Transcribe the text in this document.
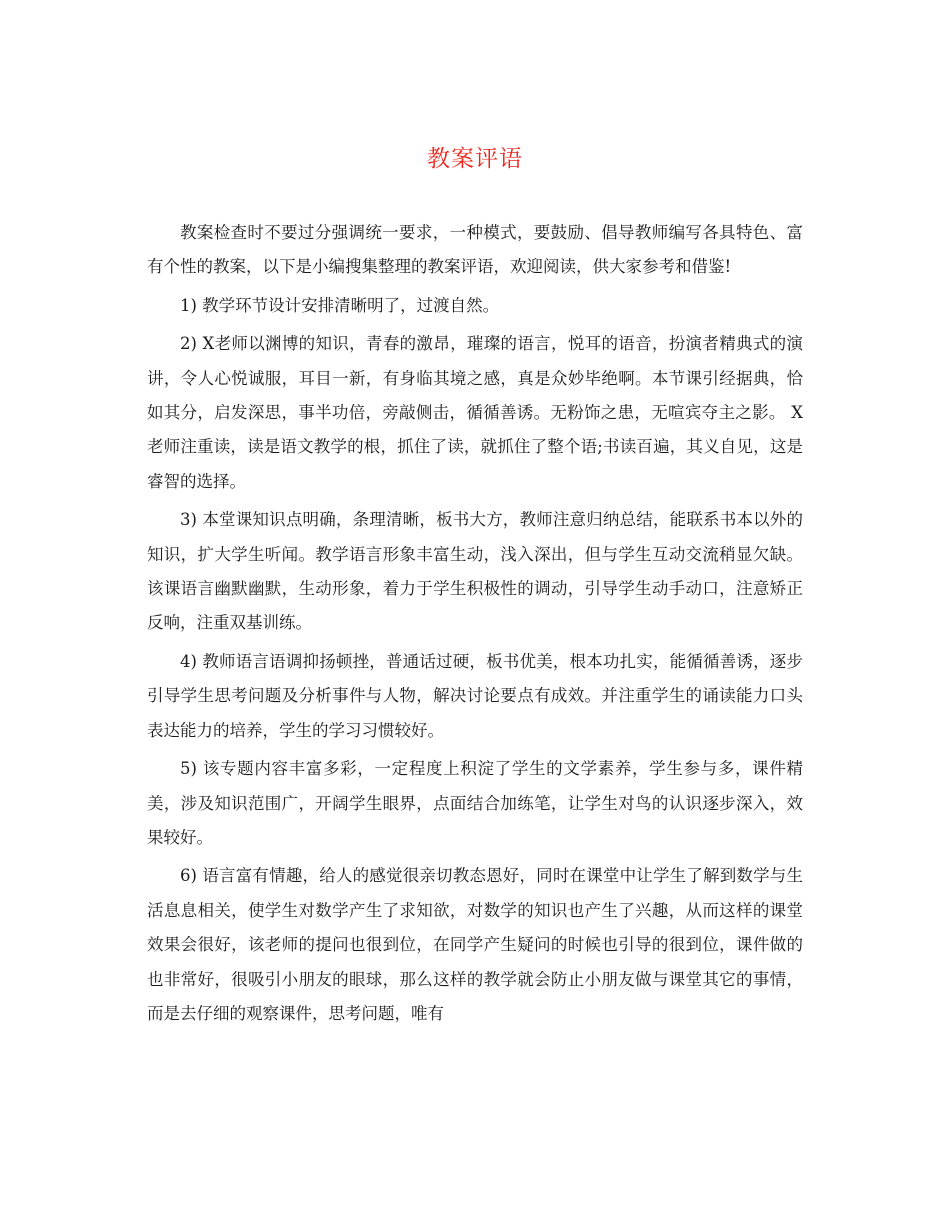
教案评语

教案检查时不要过分强调统一要求，一种模式，要鼓励、倡导教师编写各具特色、富有个性的教案，以下是小编搜集整理的教案评语，欢迎阅读，供大家参考和借鉴!

1) 教学环节设计安排清晰明了，过渡自然。

2) X老师以渊博的知识，青春的激昂，璀璨的语言，悦耳的语音，扮演者精典式的演讲，令人心悦诚服，耳目一新，有身临其境之感，真是众妙毕绝啊。本节课引经据典，恰如其分，启发深思，事半功倍，旁敲侧击，循循善诱。无粉饰之患，无喧宾夺主之影。 X老师注重读，读是语文教学的根，抓住了读，就抓住了整个语;书读百遍，其义自见，这是睿智的选择。

3) 本堂课知识点明确，条理清晰，板书大方，教师注意归纳总结，能联系书本以外的知识，扩大学生听闻。教学语言形象丰富生动，浅入深出，但与学生互动交流稍显欠缺。 该课语言幽默幽默，生动形象，着力于学生积极性的调动，引导学生动手动口，注意矫正反响，注重双基训练。

4) 教师语言语调抑扬顿挫，普通话过硬，板书优美，根本功扎实，能循循善诱，逐步引导学生思考问题及分析事件与人物，解决讨论要点有成效。并注重学生的诵读能力口头表达能力的培养，学生的学习习惯较好。

5) 该专题内容丰富多彩，一定程度上积淀了学生的文学素养，学生参与多，课件精美，涉及知识范围广，开阔学生眼界，点面结合加练笔，让学生对鸟的认识逐步深入，效果较好。

6) 语言富有情趣，给人的感觉很亲切教态恩好，同时在课堂中让学生了解到数学与生活息息相关，使学生对数学产生了求知欲，对数学的知识也产生了兴趣，从而这样的课堂效果会很好，该老师的提问也很到位，在同学产生疑问的时候也引导的很到位，课件做的也非常好，很吸引小朋友的眼球，那么这样的教学就会防止小朋友做与课堂其它的事情，而是去仔细的观察课件，思考问题，唯有
